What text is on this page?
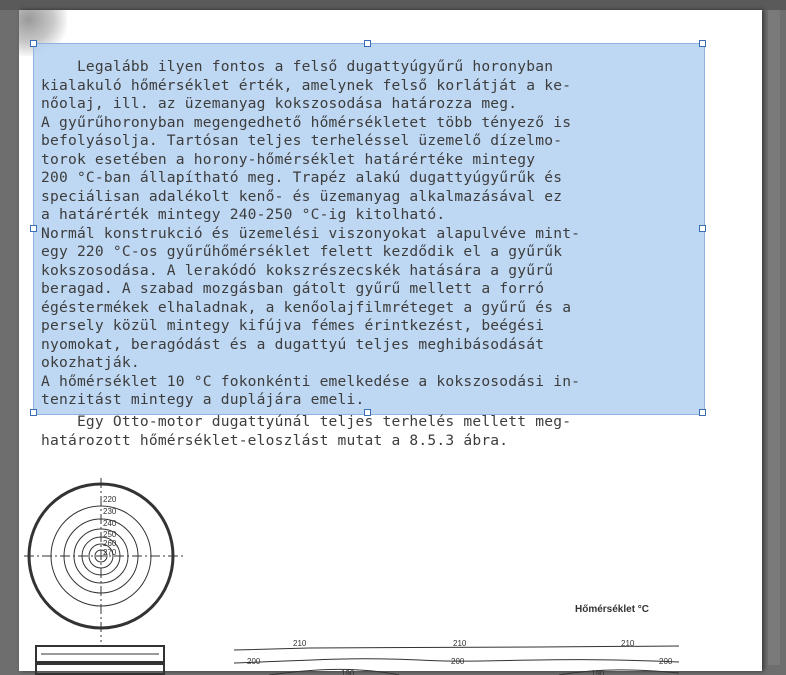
Legalább ilyen fontos a felső dugattyúgyűrű horonyban
kialakuló hőmérséklet érték, amelynek felső korlátját a ke-
nőolaj, ill. az üzemanyag kokszosodása határozza meg.
A gyűrűhoronyban megengedhető hőmérsékletet több tényező is
befolyásolja. Tartósan teljes terheléssel üzemelő dízelmo-
torok esetében a horony-hőmérséklet határértéke mintegy
200 °C-ban állapítható meg. Trapéz alakú dugattyúgyűrűk és
speciálisan adalékolt kenő- és üzemanyag alkalmazásával ez
a határérték mintegy 240-250 °C-ig kitolható.
Normál konstrukció és üzemelési viszonyokat alapulvéve mint-
egy 220 °C-os gyűrűhőmérséklet felett kezdődik el a gyűrűk
kokszosodása. A lerakódó kokszrészecskék hatására a gyűrű
beragad. A szabad mozgásban gátolt gyűrű mellett a forró
égéstermékek elhaladnak, a kenőolajfilmréteget a gyűrű és a
persely közül mintegy kifújva fémes érintkezést, beégési
nyomokat, beragódást és a dugattyú teljes meghibásodását
okozhatják.
A hőmérséklet 10 °C fokonkénti emelkedése a kokszosodási in-
tenzitást mintegy a duplájára emeli.
Egy Otto-motor dugattyúnál teljes terhelés mellett meg-
határozott hőmérséklet-eloszlást mutat a 8.5.3 ábra.
220
230
240
250
260
270
210	210	210
200	200	200
190	190
Hőmérséklet °C
